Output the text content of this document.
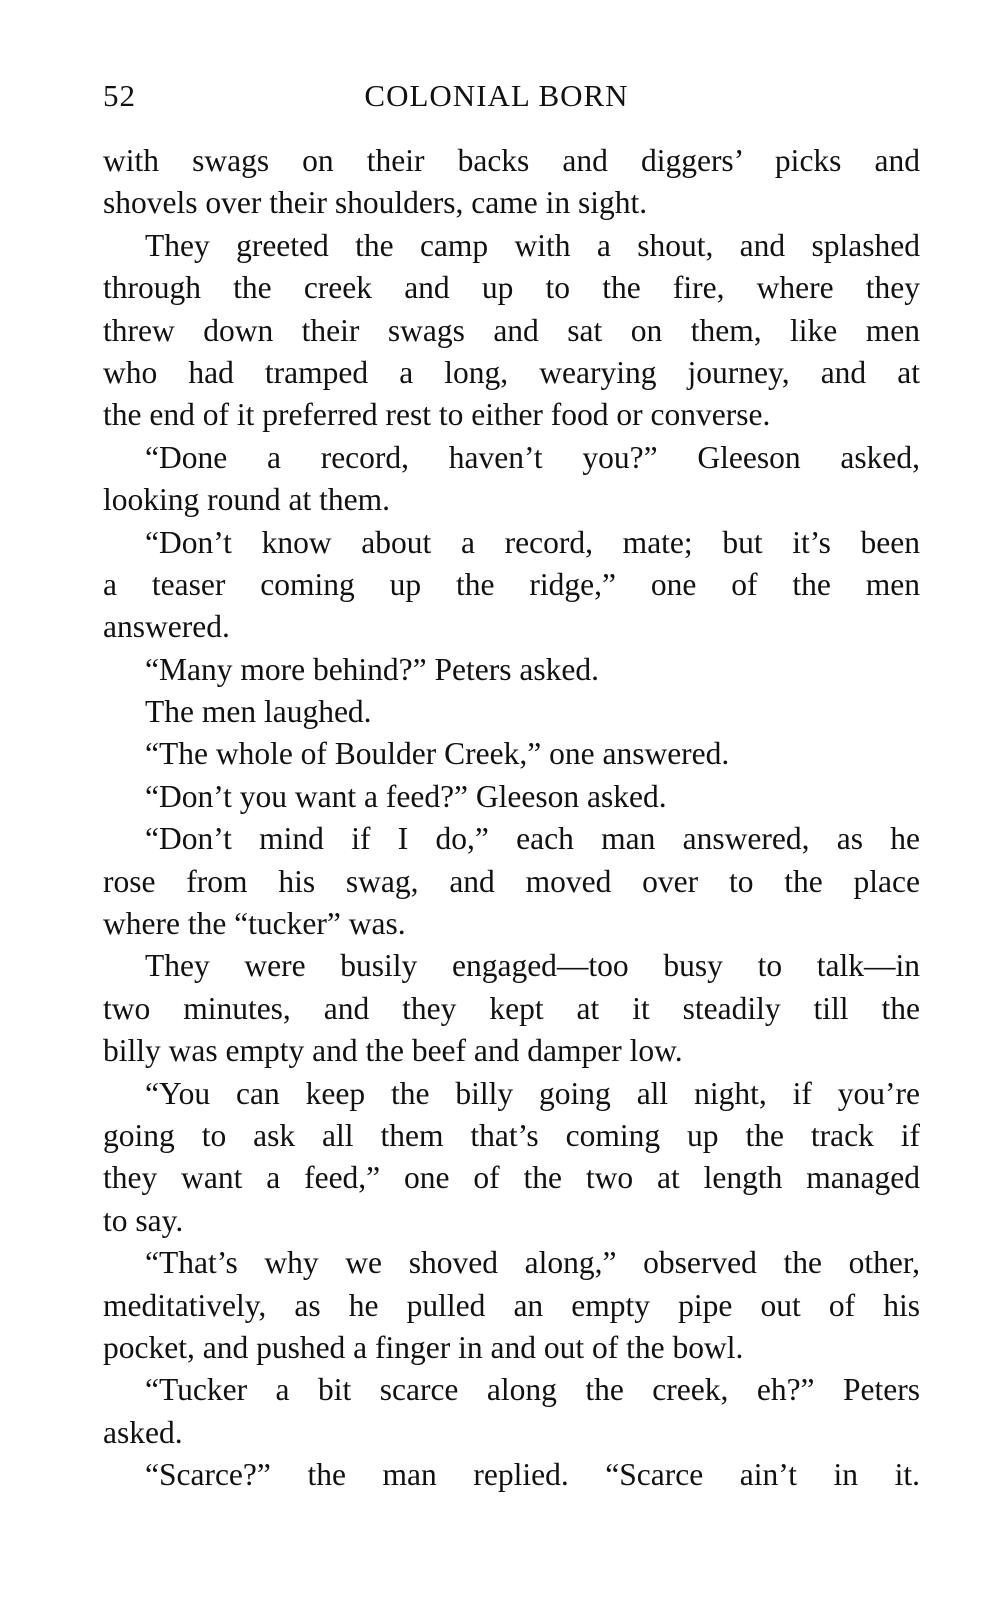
52	COLONIAL BORN
with swags on their backs and diggers’ picks and
shovels over their shoulders, came in sight.
They greeted the camp with a shout, and splashed
through the creek and up to the fire, where they
threw down their swags and sat on them, like men
who had tramped a long, wearying journey, and at
the end of it preferred rest to either food or converse.
“Done a record, haven’t you?” Gleeson asked,
looking round at them.
“Don’t know about a record, mate; but it’s been
a teaser coming up the ridge,” one of the men
answered.
“Many more behind?” Peters asked.
The men laughed.
“The whole of Boulder Creek,” one answered.
“Don’t you want a feed?” Gleeson asked.
“Don’t mind if I do,” each man answered, as he
rose from his swag, and moved over to the place
where the “tucker” was.
They were busily engaged—too busy to talk—in
two minutes, and they kept at it steadily till the
billy was empty and the beef and damper low.
“You can keep the billy going all night, if you’re
going to ask all them that’s coming up the track if
they want a feed,” one of the two at length managed
to say.
“That’s why we shoved along,” observed the other,
meditatively, as he pulled an empty pipe out of his
pocket, and pushed a finger in and out of the bowl.
“Tucker a bit scarce along the creek, eh?” Peters
asked.
“Scarce?” the man replied. “Scarce ain’t in it.
